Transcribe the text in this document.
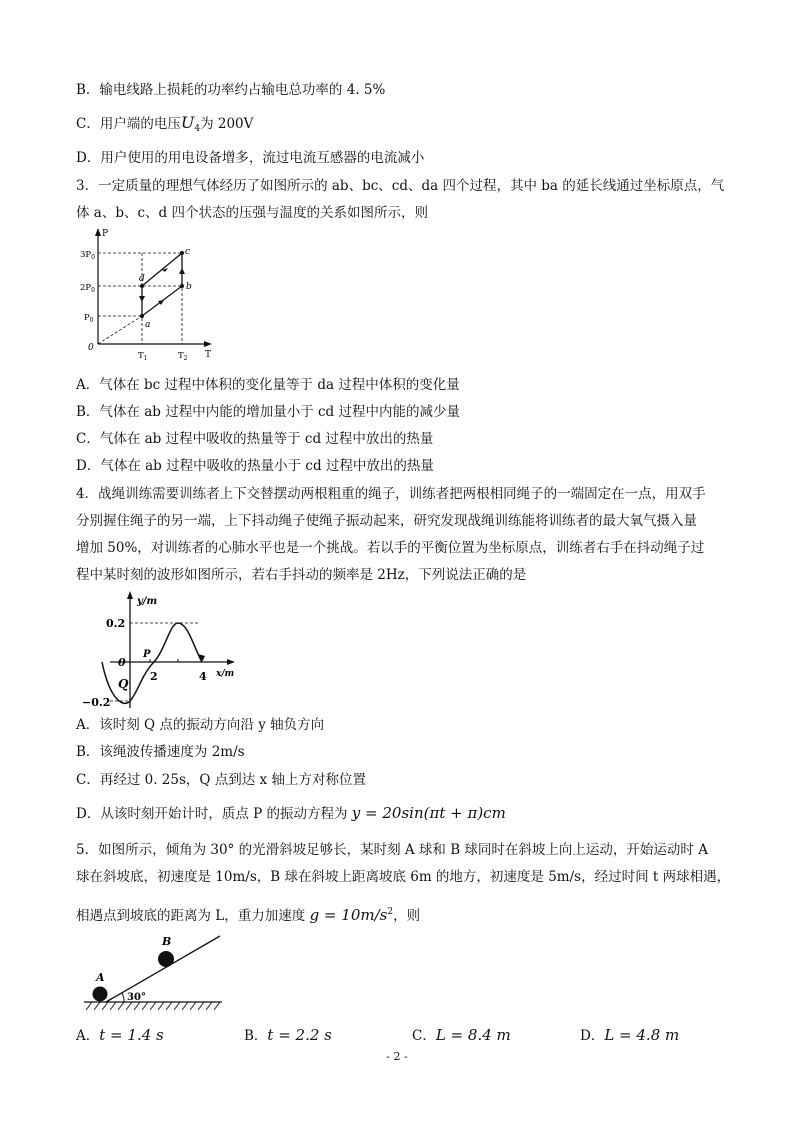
B．输电线路上损耗的功率约占输电总功率的 4. 5%
C．用户端的电压$U_4$为 200V
D．用户使用的用电设备增多，流过电流互感器的电流减小
3．一定质量的理想气体经历了如图所示的 ab、bc、cd、da 四个过程，其中 ba 的延长线通过坐标原点，气
体 a、b、c、d 四个状态的压强与温度的关系如图所示，则
P
T
0
$3P_0$
$2P_0$
$P_0$
$T_1$	$T_2$
a
b
c
d
A．气体在 bc 过程中体积的变化量等于 da 过程中体积的变化量
B．气体在 ab 过程中内能的增加量小于 cd 过程中内能的减少量
C．气体在 ab 过程中吸收的热量等于 cd 过程中放出的热量
D．气体在 ab 过程中吸收的热量小于 cd 过程中放出的热量
4．战绳训练需要训练者上下交替摆动两根粗重的绳子，训练者把两根相同绳子的一端固定在一点，用双手
分别握住绳子的另一端，上下抖动绳子使绳子振动起来，研究发现战绳训练能将训练者的最大氧气摄入量
增加 50%，对训练者的心肺水平也是一个挑战。若以手的平衡位置为坐标原点，训练者右手在抖动绳子过
程中某时刻的波形如图所示，若右手抖动的频率是 2Hz，下列说法正确的是
y/m
x/m
0.2
−0.2
0
2	4
P
Q
A．该时刻 Q 点的振动方向沿 y 轴负方向
B．该绳波传播速度为 2m/s
C．再经过 0. 25s，Q 点到达 x 轴上方对称位置
D．从该时刻开始计时，质点 P 的振动方程为 y = 20sin(πt + π)cm
5．如图所示，倾角为 30° 的光滑斜坡足够长，某时刻 A 球和 B 球同时在斜坡上向上运动，开始运动时 A
球在斜坡底，初速度是 10m/s，B 球在斜坡上距离坡底 6m 的地方，初速度是 5m/s，经过时间 t 两球相遇，
相遇点到坡底的距离为 L，重力加速度 $g = 10m/s^2$，则
A
B
30°
A．t = 1.4 s	B．t = 2.2 s	C．L = 8.4 m	D．L = 4.8 m
- 2 -
